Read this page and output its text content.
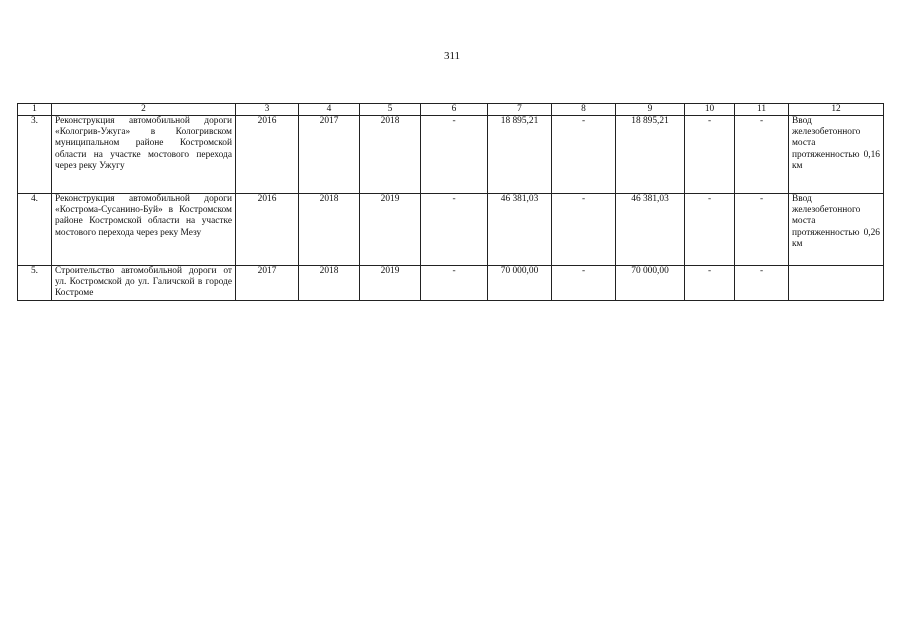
311
1	2	3	4	5	6	7	8	9	10	11	12
3.	Реконструкция автомобильной дороги «Кологрив-Ужуга» в Кологривском муниципальном районе Костромской области на участке мостового перехода через реку Ужугу	2016	2017	2018	-	18 895,21	-	18 895,21	-	-	Ввод железобетонного моста протяженностью 0,16 км
4.	Реконструкция автомобильной дороги «Кострома-Сусанино-Буй» в Костромском районе Костромской области на участке мостового перехода через реку Мезу	2016	2018	2019	-	46 381,03	-	46 381,03	-	-	Ввод железобетонного моста протяженностью 0,26 км
5.	Строительство автомобильной дороги от ул. Костромской до ул. Галичской в городе Костроме	2017	2018	2019	-	70 000,00	-	70 000,00	-	-	
